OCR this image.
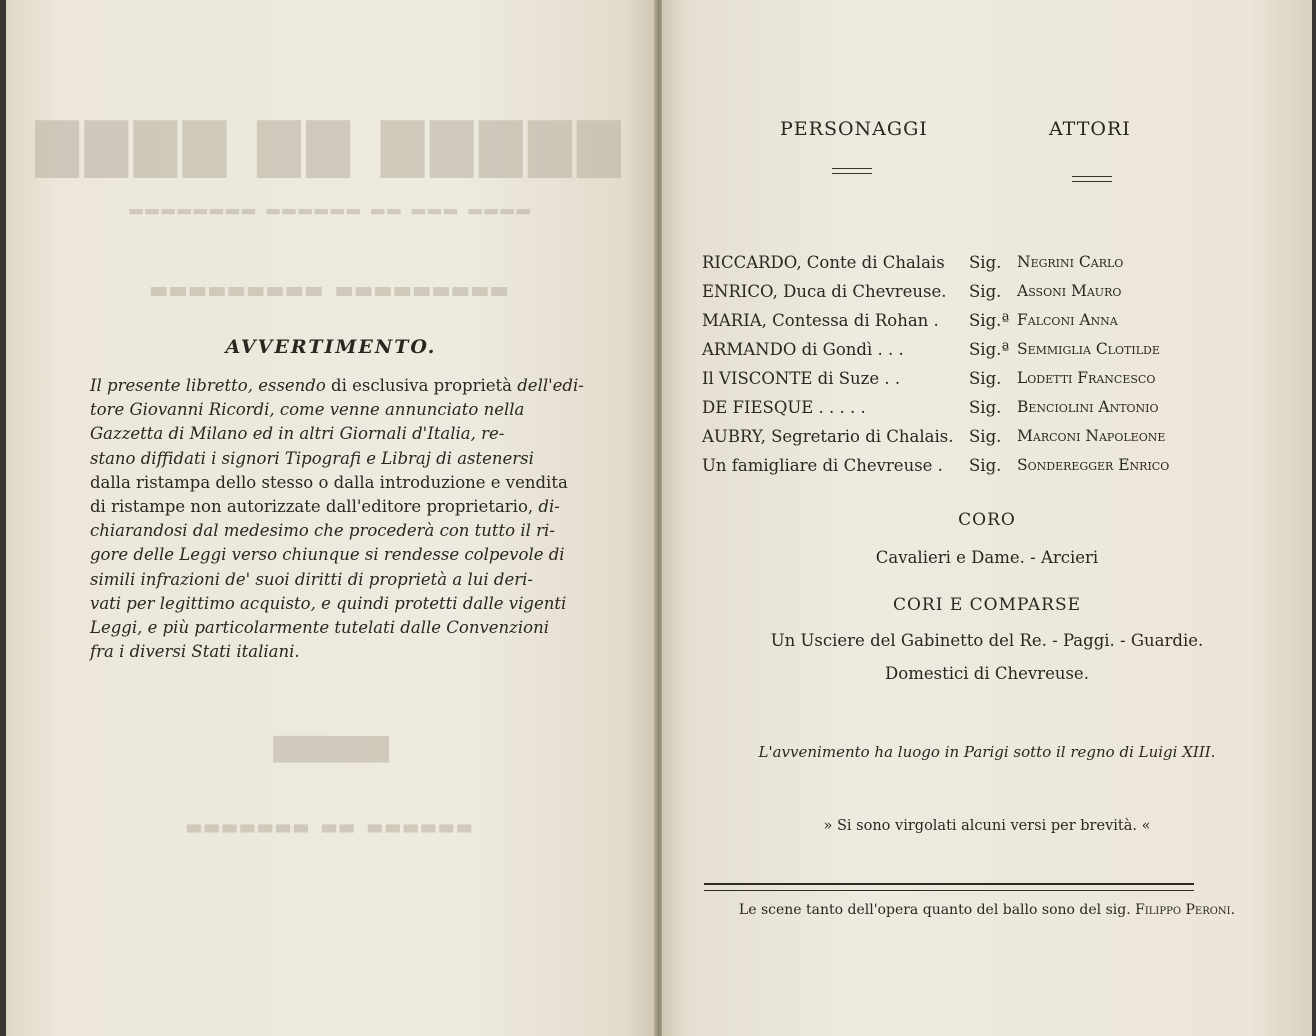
▇▇▇▇ ▇▇ ▇▇▇▇▇
▂▂▂▂▂▂▂▂ ▂▂▂▂▂▂ ▂▂ ▂▂▂ ▂▂▂▂
▃▃▃▃▃▃▃▃▃ ▃▃▃▃▃▃▃▃▃
▆▆▆▆▆
▃▃▃▃▃▃▃ ▃▃ ▃▃▃▃▃▃
AVVERTIMENTO.
Il presente libretto, essendo di esclusiva proprietà dell'edi-
tore Giovanni Ricordi, come venne annunciato nella
Gazzetta di Milano ed in altri Giornali d'Italia, re-
stano diffidati i signori Tipografi e Libraj di astenersi
dalla ristampa dello stesso o dalla introduzione e vendita
di ristampe non autorizzate dall'editore proprietario, di-
chiarandosi dal medesimo che procederà con tutto il ri-
gore delle Leggi verso chiunque si rendesse colpevole di
simili infrazioni de' suoi diritti di proprietà a lui deri-
vati per legittimo acquisto, e quindi protetti dalle vigenti
Leggi, e più particolarmente tutelati dalle Convenzioni
fra i diversi Stati italiani.
PERSONAGGI	ATTORI
RICCARDO, Conte di Chalais Sig. Negrini Carlo
ENRICO, Duca di Chevreuse. Sig. Assoni Mauro
MARIA, Contessa di Rohan . Sig.ª Falconi Anna
ARMANDO di Gondì . . .	Sig.ª Semmiglia Clotilde
Il VISCONTE di Suze . .	Sig. Lodetti Francesco
DE FIESQUE . . . . .	Sig. Benciolini Antonio
AUBRY, Segretario di Chalais. Sig. Marconi Napoleone
Un famigliare di Chevreuse . Sig. Sonderegger Enrico
CORO
Cavalieri e Dame. - Arcieri
CORI E COMPARSE
Un Usciere del Gabinetto del Re. - Paggi. - Guardie.
Domestici di Chevreuse.
L'avvenimento ha luogo in Parigi sotto il regno di Luigi XIII.
» Si sono virgolati alcuni versi per brevità. «
Le scene tanto dell'opera quanto del ballo sono del sig. Filippo Peroni.
